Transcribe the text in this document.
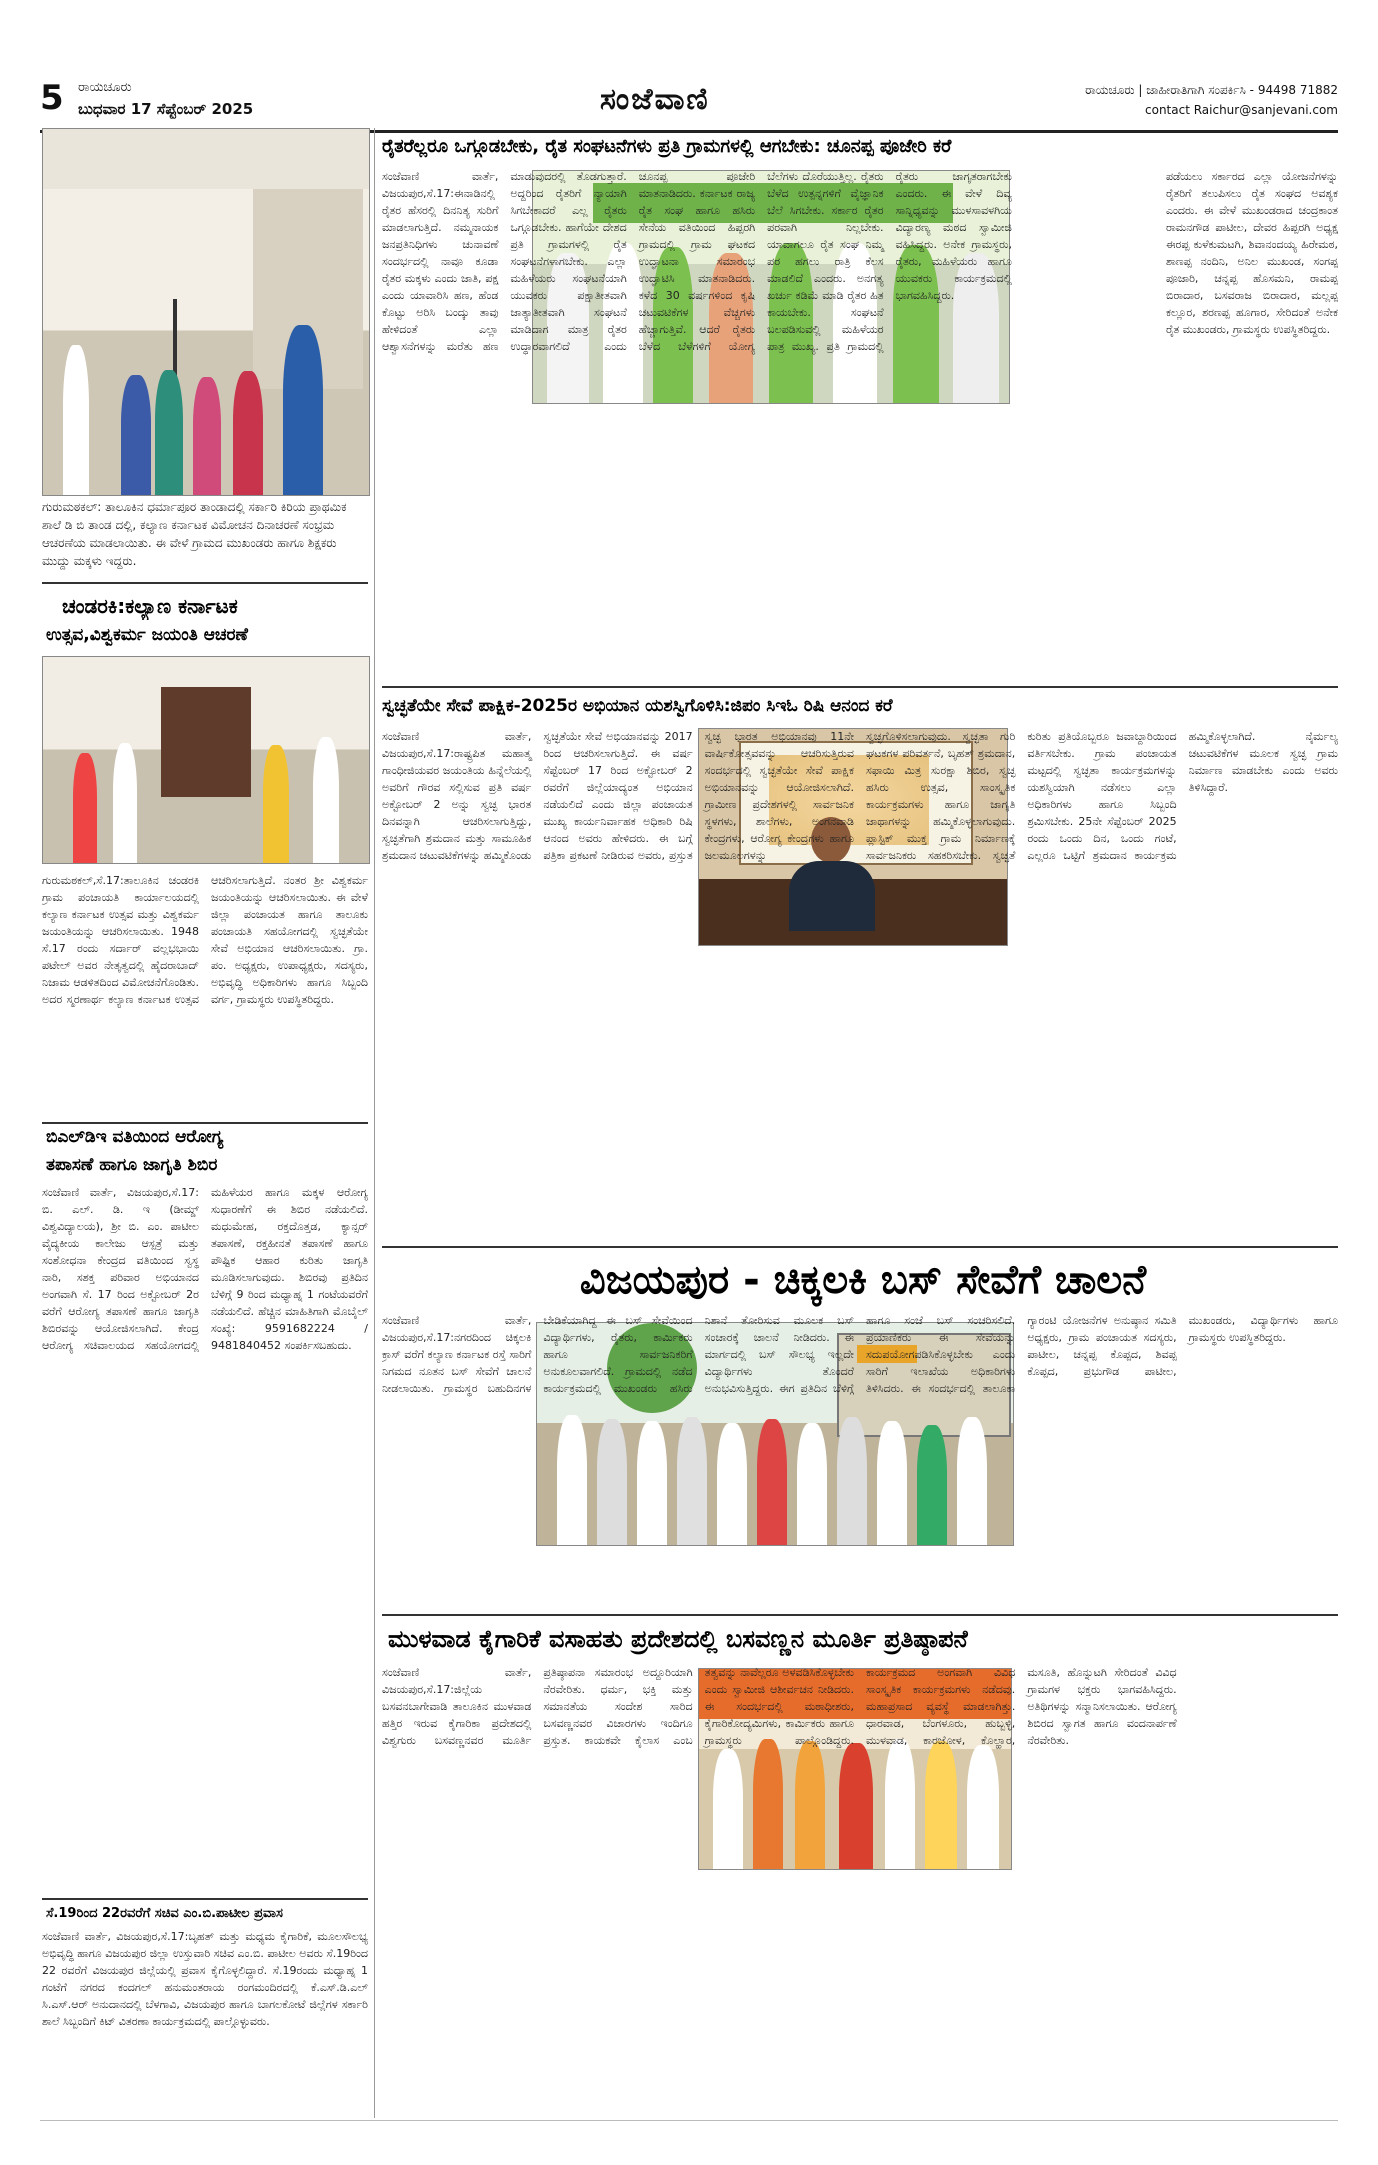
5 ರಾಯಚೂರು
ಬುಧವಾರ 17 ಸೆಪ್ಟೆಂಬರ್ 2025	ಸಂಜೆವಾಣಿ	ರಾಯಚೂರು | ಜಾಹೀರಾತಿಗಾಗಿ ಸಂಪರ್ಕಿಸಿ - 94498 71882
contact Raichur@sanjevani.com
ಗುರುಮಠಕಲ್: ತಾಲೂಕಿನ ಧರ್ಮಾಪೂರ ತಾಂಡಾದಲ್ಲಿ ಸರ್ಕಾರಿ ಕಿರಿಯ ಪ್ರಾಥಮಿಕ ಶಾಲೆ ಡಿ ಬಿ ತಾಂಡ ದಲ್ಲಿ, ಕಲ್ಯಾಣ ಕರ್ನಾಟಕ ವಿಮೋಚನ ದಿನಾಚರಣೆ ಸಂಭ್ರಮ ಆಚರಣೆಯ ಮಾಡಲಾಯಿತು. ಈ ವೇಳೆ ಗ್ರಾಮದ ಮುಖಂಡರು ಹಾಗೂ ಶಿಕ್ಷಕರು ಮುದ್ದು ಮಕ್ಕಳು ಇದ್ದರು.
ಚಂಡರಕಿ:ಕಲ್ಯಾಣ ಕರ್ನಾಟಕ
ಉತ್ಸವ,ವಿಶ್ವಕರ್ಮ ಜಯಂತಿ ಆಚರಣೆ
ಗುರುಮಠಕಲ್,ಸೆ.17:ತಾಲೂಕಿನ ಚಂಡರಕಿ ಗ್ರಾಮ ಪಂಚಾಯತಿ ಕಾರ್ಯಾಲಯದಲ್ಲಿ ಕಲ್ಯಾಣ ಕರ್ನಾಟಕ ಉತ್ಸವ ಮತ್ತು ವಿಶ್ವಕರ್ಮ ಜಯಂತಿಯನ್ನು ಆಚರಿಸಲಾಯಿತು. 1948 ಸೆ.17 ರಂದು ಸರ್ದಾರ್ ವಲ್ಲಭಭಾಯಿ ಪಟೇಲ್ ಅವರ ನೇತೃತ್ವದಲ್ಲಿ ಹೈದರಾಬಾದ್ ನಿಜಾಮ ಆಡಳಿತದಿಂದ ವಿಮೋಚನೆಗೊಂಡಿತು. ಅದರ ಸ್ಮರಣಾರ್ಥ ಕಲ್ಯಾಣ ಕರ್ನಾಟಕ ಉತ್ಸವ ಆಚರಿಸಲಾಗುತ್ತಿದೆ. ನಂತರ ಶ್ರೀ ವಿಶ್ವಕರ್ಮ ಜಯಂತಿಯನ್ನು ಆಚರಿಸಲಾಯಿತು. ಈ ವೇಳೆ ಜಿಲ್ಲಾ ಪಂಚಾಯತ ಹಾಗೂ ತಾಲೂಕು ಪಂಚಾಯತಿ ಸಹಯೋಗದಲ್ಲಿ ಸ್ವಚ್ಛತೆಯೇ ಸೇವೆ ಅಭಿಯಾನ ಆಚರಿಸಲಾಯಿತು. ಗ್ರಾ. ಪಂ. ಅಧ್ಯಕ್ಷರು, ಉಪಾಧ್ಯಕ್ಷರು, ಸದಸ್ಯರು, ಅಭಿವೃದ್ಧಿ ಅಧಿಕಾರಿಗಳು ಹಾಗೂ ಸಿಬ್ಬಂದಿ ವರ್ಗ, ಗ್ರಾಮಸ್ಥರು ಉಪಸ್ಥಿತರಿದ್ದರು.
ಬಿಎಲ್‌ಡಿಇ ವತಿಯಿಂದ ಆರೋಗ್ಯ
ತಪಾಸಣೆ ಹಾಗೂ ಜಾಗೃತಿ ಶಿಬಿರ
ಸಂಜೆವಾಣಿ ವಾರ್ತೆ, ವಿಜಯಪುರ,ಸೆ.17: ಬಿ. ಎಲ್. ಡಿ. ಇ (ಡೀಮ್ಡ್ ವಿಶ್ವವಿದ್ಯಾಲಯ), ಶ್ರೀ ಬಿ. ಎಂ. ಪಾಟೀಲ ವೈದ್ಯಕೀಯ ಕಾಲೇಜು ಆಸ್ಪತ್ರೆ ಮತ್ತು ಸಂಶೋಧನಾ ಕೇಂದ್ರದ ವತಿಯಿಂದ ಸ್ವಸ್ಥ ನಾರಿ, ಸಶಕ್ತ ಪರಿವಾರ ಅಭಿಯಾನದ ಅಂಗವಾಗಿ ಸೆ. 17 ರಿಂದ ಅಕ್ಟೋಬರ್ 2ರ ವರೆಗೆ ಆರೋಗ್ಯ ತಪಾಸಣೆ ಹಾಗೂ ಜಾಗೃತಿ ಶಿಬಿರವನ್ನು ಆಯೋಜಿಸಲಾಗಿದೆ. ಕೇಂದ್ರ ಆರೋಗ್ಯ ಸಚಿವಾಲಯದ ಸಹಯೋಗದಲ್ಲಿ ಮಹಿಳೆಯರ ಹಾಗೂ ಮಕ್ಕಳ ಆರೋಗ್ಯ ಸುಧಾರಣೆಗೆ ಈ ಶಿಬಿರ ನಡೆಯಲಿದೆ. ಮಧುಮೇಹ, ರಕ್ತದೊತ್ತಡ, ಕ್ಯಾನ್ಸರ್ ತಪಾಸಣೆ, ರಕ್ತಹೀನತೆ ತಪಾಸಣೆ ಹಾಗೂ ಪೌಷ್ಟಿಕ ಆಹಾರ ಕುರಿತು ಜಾಗೃತಿ ಮೂಡಿಸಲಾಗುವುದು. ಶಿಬಿರವು ಪ್ರತಿದಿನ ಬೆಳಿಗ್ಗೆ 9 ರಿಂದ ಮಧ್ಯಾಹ್ನ 1 ಗಂಟೆಯವರೆಗೆ ನಡೆಯಲಿದೆ. ಹೆಚ್ಚಿನ ಮಾಹಿತಿಗಾಗಿ ಮೊಬೈಲ್ ಸಂಖ್ಯೆ: 9591682224 / 9481840452 ಸಂಪರ್ಕಿಸಬಹುದು.
ಸೆ.19ರಿಂದ 22ರವರೆಗೆ ಸಚಿವ ಎಂ.ಬಿ.ಪಾಟೀಲ ಪ್ರವಾಸ
ಸಂಜೆವಾಣಿ ವಾರ್ತೆ, ವಿಜಯಪುರ,ಸೆ.17:ಬೃಹತ್ ಮತ್ತು ಮಧ್ಯಮ ಕೈಗಾರಿಕೆ, ಮೂಲಸೌಲಭ್ಯ ಅಭಿವೃದ್ಧಿ ಹಾಗೂ ವಿಜಯಪುರ ಜಿಲ್ಲಾ ಉಸ್ತುವಾರಿ ಸಚಿವ ಎಂ.ಬಿ. ಪಾಟೀಲ ಅವರು ಸೆ.19ರಿಂದ 22 ರವರೆಗೆ ವಿಜಯಪುರ ಜಿಲ್ಲೆಯಲ್ಲಿ ಪ್ರವಾಸ ಕೈಗೊಳ್ಳಲಿದ್ದಾರೆ. ಸೆ.19ರಂದು ಮಧ್ಯಾಹ್ನ 1 ಗಂಟೆಗೆ ನಗರದ ಕಂದಗಲ್ ಹನುಮಂತರಾಯ ರಂಗಮಂದಿರದಲ್ಲಿ ಕೆ.ಎಸ್.ಡಿ.ಎಲ್ ಸಿ.ಎಸ್.ಆರ್ ಅನುದಾನದಲ್ಲಿ ಬೆಳಗಾವಿ, ವಿಜಯಪುರ ಹಾಗೂ ಬಾಗಲಕೋಟೆ ಜಿಲ್ಲೆಗಳ ಸರ್ಕಾರಿ ಶಾಲೆ ಸಿಬ್ಬಂದಿಗೆ ಕಿಟ್ ವಿತರಣಾ ಕಾರ್ಯಕ್ರಮದಲ್ಲಿ ಪಾಲ್ಗೊಳ್ಳುವರು.
ರೈತರೆಲ್ಲರೂ ಒಗ್ಗೂಡಬೇಕು, ರೈತ ಸಂಘಟನೆಗಳು ಪ್ರತಿ ಗ್ರಾಮಗಳಲ್ಲಿ ಆಗಬೇಕು: ಚೂನಪ್ಪ ಪೂಜೇರಿ ಕರೆ
ಸಂಜೆವಾಣಿ ವಾರ್ತೆ, ವಿಜಯಪುರ,ಸೆ.17:ಈನಾಡಿನಲ್ಲಿ ರೈತರ ಹೆಸರಲ್ಲಿ ದಿನನಿತ್ಯ ಸುರಿಗೆ ಮಾಡಲಾಗುತ್ತಿದೆ. ನಮ್ಮನಾಯಕ ಜನಪ್ರತಿನಿಧಿಗಳು ಚುನಾವಣೆ ಸಂದರ್ಭದಲ್ಲಿ ನಾವೂ ಕೂಡಾ ರೈತರ ಮಕ್ಕಳು ಎಂದು ಜಾತಿ, ಪಕ್ಷ ಎಂದು ಯಾವಾರಿಸಿ ಹಣ, ಹೆಂಡ ಕೊಟ್ಟು ಅರಿಸಿ ಬಂದ್ಕು ತಾವು ಹೇಳಿದಂತೆ ಎಲ್ಲಾ ಆಶ್ವಾಸನೆಗಳನ್ನು ಮರೆತು ಹಣ ಮಾಡುವುದರಲ್ಲಿ ತೊಡಗುತ್ತಾರೆ. ಅದ್ದರಿಂದ ರೈತರಿಗೆ ನ್ಯಾಯಾಗಿ ಸಿಗಬೇಕಾದರೆ ಎಲ್ಲ ರೈತರು ಒಗ್ಗೂಡಬೇಕು. ಹಾಗೆಯೇ ದೇಶದ ಪ್ರತಿ ಗ್ರಾಮಗಳಲ್ಲಿ ರೈತ ಸಂಘಟನೆಗಳಾಗಬೇಕು. ಎಲ್ಲಾ ಮಹಿಳೆಯರು ಸಂಘಟನೆಯಾಗಿ ಯುವಕರು ಪಕ್ಷಾತೀತವಾಗಿ ಜಾತ್ಯಾತೀತವಾಗಿ ಸಂಘಟನೆ ಮಾಡಿದಾಗ ಮಾತ್ರ ರೈತರ ಉದ್ಧಾರವಾಗಲಿದೆ ಎಂದು ಚೂನಪ್ಪ ಪೂಜೇರಿ ಮಾತನಾಡಿದರು. ಕರ್ನಾಟಕ ರಾಜ್ಯ ರೈತ ಸಂಘ ಹಾಗೂ ಹಸಿರು ಸೇನೆಯ ವತಿಯಿಂದ ಹಿಪ್ಪರಗಿ ಗ್ರಾಮದಲ್ಲಿ ಗ್ರಾಮ ಘಟಕದ ಉದ್ಘಾಟನಾ ಸಮಾರಂಭ ಉದ್ಘಾಟಿಸಿ ಮಾತನಾಡಿದರು. ಕಳೆದ 30 ವರ್ಷಗಳಿಂದ ಕೃಷಿ ಚಟುವಟಿಕೆಗಳ ವೆಚ್ಚಗಳು ಹೆಚ್ಚಾಗುತ್ತಿವೆ. ಆದರೆ ರೈತರು ಬೆಳೆದ ಬೆಳೆಗಳಿಗೆ ಯೋಗ್ಯ ಬೆಲೆಗಳು ದೊರೆಯುತ್ತಿಲ್ಲ. ರೈತರು ಬೆಳೆದ ಉತ್ಪನ್ನಗಳಿಗೆ ವೈಜ್ಞಾನಿಕ ಬೆಲೆ ಸಿಗಬೇಕು. ಸರ್ಕಾರ ರೈತರ ಪರವಾಗಿ ನಿಲ್ಲಬೇಕು. ಯಾವಾಗಲೂ ರೈತ ಸಂಘ ನಿಮ್ಮ ಪರ ಹಗಲು ರಾತ್ರಿ ಕೆಲಸ ಮಾಡಲಿದೆ ಎಂದರು. ಅನಗತ್ಯ ಖರ್ಚು ಕಡಿಮೆ ಮಾಡಿ ರೈತರ ಹಿತ ಕಾಯಬೇಕು. ಸಂಘಟನೆ ಬಲಪಡಿಸುವಲ್ಲಿ ಮಹಿಳೆಯರ ಪಾತ್ರ ಮುಖ್ಯ. ಪ್ರತಿ ಗ್ರಾಮದಲ್ಲಿ ರೈತರು ಜಾಗೃತರಾಗಬೇಕು ಎಂದರು. ಈ ವೇಳೆ ದಿವ್ಯ ಸಾನ್ನಿಧ್ಯವನ್ನು ಮುಳಸಾವಳಗಿಯ ವಿದ್ಯಾರಣ್ಯ ಮಠದ ಸ್ವಾಮೀಜಿ ವಹಿಸಿದ್ದರು. ಅನೇಕ ಗ್ರಾಮಸ್ಥರು, ರೈತರು, ಮಹಿಳೆಯರು ಹಾಗೂ ಯುವಕರು ಕಾರ್ಯಕ್ರಮದಲ್ಲಿ ಭಾಗವಹಿಸಿದ್ದರು.
ಪಡೆಯಲು ಸರ್ಕಾರದ ಎಲ್ಲಾ ಯೋಜನೆಗಳನ್ನು ರೈತರಿಗೆ ತಲುಪಿಸಲು ರೈತ ಸಂಘದ ಅವಶ್ಯಕ ಎಂದರು. ಈ ವೇಳೆ ಮುಖಂಡರಾದ ಚಂದ್ರಕಾಂತ ರಾಮನಗೌಡ ಪಾಟೀಲ, ದೇವರ ಹಿಪ್ಪರಗಿ ಅಧ್ಯಕ್ಷ ಈರಪ್ಪ ಕುಳೆಕುಮಟಗಿ, ಶಿವಾನಂದಯ್ಯ ಹಿರೇಮಠ, ಶಾಣಪ್ಪ ನಂದಿನಿ, ಅನಿಲ ಮುಖಂಡ, ಸಂಗಪ್ಪ ಪೂಜಾರಿ, ಚನ್ನಪ್ಪ ಹೊಸಮನಿ, ರಾಮಪ್ಪ ಬಿರಾದಾರ, ಬಸವರಾಜ ಬಿರಾದಾರ, ಮಲ್ಲಪ್ಪ ಕಲ್ಲೂರ, ಶರಣಪ್ಪ ಹೂಗಾರ, ಸೇರಿದಂತೆ ಅನೇಕ ರೈತ ಮುಖಂಡರು, ಗ್ರಾಮಸ್ಥರು ಉಪಸ್ಥಿತರಿದ್ದರು.
ಸ್ವಚ್ಛತೆಯೇ ಸೇವೆ ಪಾಕ್ಷಿಕ-2025ರ ಅಭಿಯಾನ ಯಶಸ್ವಿಗೊಳಿಸಿ:ಜಿಪಂ ಸಿಇಓ ರಿಷಿ ಆನಂದ ಕರೆ
ಸಂಜೆವಾಣಿ ವಾರ್ತೆ, ವಿಜಯಪುರ,ಸೆ.17:ರಾಷ್ಟ್ರಪಿತ ಮಹಾತ್ಮ ಗಾಂಧೀಜಿಯವರ ಜಯಂತಿಯ ಹಿನ್ನೆಲೆಯಲ್ಲಿ ಅವರಿಗೆ ಗೌರವ ಸಲ್ಲಿಸುವ ಪ್ರತಿ ವರ್ಷ ಅಕ್ಟೋಬರ್ 2 ಅನ್ನು ಸ್ವಚ್ಛ ಭಾರತ ದಿನವನ್ನಾಗಿ ಆಚರಿಸಲಾಗುತ್ತಿದ್ದು, ಸ್ವಚ್ಛತೆಗಾಗಿ ಶ್ರಮದಾನ ಮತ್ತು ಸಾಮೂಹಿಕ ಶ್ರಮದಾನ ಚಟುವಟಿಕೆಗಳನ್ನು ಹಮ್ಮಿಕೊಂಡು ಸ್ವಚ್ಛತೆಯೇ ಸೇವೆ ಅಭಿಯಾನವನ್ನು 2017 ರಿಂದ ಆಚರಿಸಲಾಗುತ್ತಿದೆ. ಈ ವರ್ಷ ಸೆಪ್ಟೆಂಬರ್ 17 ರಿಂದ ಅಕ್ಟೋಬರ್ 2 ರವರೆಗೆ ಜಿಲ್ಲೆಯಾದ್ಯಂತ ಅಭಿಯಾನ ನಡೆಯಲಿದೆ ಎಂದು ಜಿಲ್ಲಾ ಪಂಚಾಯತ ಮುಖ್ಯ ಕಾರ್ಯನಿರ್ವಾಹಕ ಅಧಿಕಾರಿ ರಿಷಿ ಆನಂದ ಅವರು ಹೇಳಿದರು. ಈ ಬಗ್ಗೆ ಪತ್ರಿಕಾ ಪ್ರಕಟಣೆ ನೀಡಿರುವ ಅವರು, ಪ್ರಸ್ತುತ ಸ್ವಚ್ಛ ಭಾರತ ಅಭಿಯಾನವು 11ನೇ ವಾರ್ಷಿಕೋತ್ಸವವನ್ನು ಆಚರಿಸುತ್ತಿರುವ ಸಂದರ್ಭದಲ್ಲಿ ಸ್ವಚ್ಛತೆಯೇ ಸೇವೆ ಪಾಕ್ಷಿಕ ಅಭಿಯಾನವನ್ನು ಆಯೋಜಿಸಲಾಗಿದೆ. ಗ್ರಾಮೀಣ ಪ್ರದೇಶಗಳಲ್ಲಿ ಸಾರ್ವಜನಿಕ ಸ್ಥಳಗಳು, ಶಾಲೆಗಳು, ಅಂಗನವಾಡಿ ಕೇಂದ್ರಗಳು, ಆರೋಗ್ಯ ಕೇಂದ್ರಗಳು ಹಾಗೂ ಜಲಮೂಲಗಳನ್ನು ಸ್ವಚ್ಛಗೊಳಿಸಲಾಗುವುದು. ಸ್ವಚ್ಛತಾ ಗುರಿ ಘಟಕಗಳ ಪರಿವರ್ತನೆ, ಬೃಹತ್ ಶ್ರಮದಾನ, ಸಫಾಯಿ ಮಿತ್ರ ಸುರಕ್ಷಾ ಶಿಬಿರ, ಸ್ವಚ್ಛ ಹಸಿರು ಉತ್ಸವ, ಸಾಂಸ್ಕೃತಿಕ ಕಾರ್ಯಕ್ರಮಗಳು ಹಾಗೂ ಜಾಗೃತಿ ಜಾಥಾಗಳನ್ನು ಹಮ್ಮಿಕೊಳ್ಳಲಾಗುವುದು. ಪ್ಲಾಸ್ಟಿಕ್ ಮುಕ್ತ ಗ್ರಾಮ ನಿರ್ಮಾಣಕ್ಕೆ ಸಾರ್ವಜನಿಕರು ಸಹಕರಿಸಬೇಕು. ಸ್ವಚ್ಛತೆ ಕುರಿತು ಪ್ರತಿಯೊಬ್ಬರೂ ಜವಾಬ್ದಾರಿಯಿಂದ ವರ್ತಿಸಬೇಕು. ಗ್ರಾಮ ಪಂಚಾಯತ ಮಟ್ಟದಲ್ಲಿ ಸ್ವಚ್ಛತಾ ಕಾರ್ಯಕ್ರಮಗಳನ್ನು ಯಶಸ್ವಿಯಾಗಿ ನಡೆಸಲು ಎಲ್ಲಾ ಅಧಿಕಾರಿಗಳು ಹಾಗೂ ಸಿಬ್ಬಂದಿ ಶ್ರಮಿಸಬೇಕು. 25ನೇ ಸೆಪ್ಟೆಂಬರ್ 2025 ರಂದು ಒಂದು ದಿನ, ಒಂದು ಗಂಟೆ, ಎಲ್ಲರೂ ಒಟ್ಟಿಗೆ ಶ್ರಮದಾನ ಕಾರ್ಯಕ್ರಮ ಹಮ್ಮಿಕೊಳ್ಳಲಾಗಿದೆ. ನೈರ್ಮಲ್ಯ ಚಟುವಟಿಕೆಗಳ ಮೂಲಕ ಸ್ವಚ್ಛ ಗ್ರಾಮ ನಿರ್ಮಾಣ ಮಾಡಬೇಕು ಎಂದು ಅವರು ತಿಳಿಸಿದ್ದಾರೆ.
ವಿಜಯಪುರ - ಚಿಕ್ಕಲಕಿ ಬಸ್ ಸೇವೆಗೆ ಚಾಲನೆ
ಸಂಜೆವಾಣಿ ವಾರ್ತೆ, ವಿಜಯಪುರ,ಸೆ.17:ನಗರದಿಂದ ಚಿಕ್ಕಲಕಿ ಕ್ರಾಸ್ ವರೆಗೆ ಕಲ್ಯಾಣ ಕರ್ನಾಟಕ ರಸ್ತೆ ಸಾರಿಗೆ ನಿಗಮದ ನೂತನ ಬಸ್ ಸೇವೆಗೆ ಚಾಲನೆ ನೀಡಲಾಯಿತು. ಗ್ರಾಮಸ್ಥರ ಬಹುದಿನಗಳ ಬೇಡಿಕೆಯಾಗಿದ್ದ ಈ ಬಸ್ ಸೇವೆಯಿಂದ ವಿದ್ಯಾರ್ಥಿಗಳು, ರೈತರು, ಕಾರ್ಮಿಕರು ಹಾಗೂ ಸಾರ್ವಜನಿಕರಿಗೆ ಅನುಕೂಲವಾಗಲಿದೆ. ಗ್ರಾಮದಲ್ಲಿ ನಡೆದ ಕಾರ್ಯಕ್ರಮದಲ್ಲಿ ಮುಖಂಡರು ಹಸಿರು ನಿಶಾನೆ ತೋರಿಸುವ ಮೂಲಕ ಬಸ್ ಸಂಚಾರಕ್ಕೆ ಚಾಲನೆ ನೀಡಿದರು. ಈ ಮಾರ್ಗದಲ್ಲಿ ಬಸ್ ಸೌಲಭ್ಯ ಇಲ್ಲದೇ ವಿದ್ಯಾರ್ಥಿಗಳು ತೊಂದರೆ ಅನುಭವಿಸುತ್ತಿದ್ದರು. ಈಗ ಪ್ರತಿದಿನ ಬೆಳಿಗ್ಗೆ ಹಾಗೂ ಸಂಜೆ ಬಸ್ ಸಂಚರಿಸಲಿದೆ. ಪ್ರಯಾಣಿಕರು ಈ ಸೇವೆಯನ್ನು ಸದುಪಯೋಗಪಡಿಸಿಕೊಳ್ಳಬೇಕು ಎಂದು ಸಾರಿಗೆ ಇಲಾಖೆಯ ಅಧಿಕಾರಿಗಳು ತಿಳಿಸಿದರು. ಈ ಸಂದರ್ಭದಲ್ಲಿ ತಾಲೂಕಾ ಗ್ಯಾರಂಟಿ ಯೋಜನೆಗಳ ಅನುಷ್ಠಾನ ಸಮಿತಿ ಅಧ್ಯಕ್ಷರು, ಗ್ರಾಮ ಪಂಚಾಯತ ಸದಸ್ಯರು, ಪಾಟೀಲ, ಚನ್ನಪ್ಪ ಕೊಪ್ಪದ, ಶಿವಪ್ಪ ಕೊಪ್ಪದ, ಪ್ರಭುಗೌಡ ಪಾಟೀಲ, ಮುಖಂಡರು, ವಿದ್ಯಾರ್ಥಿಗಳು ಹಾಗೂ ಗ್ರಾಮಸ್ಥರು ಉಪಸ್ಥಿತರಿದ್ದರು.
ಮುಳವಾಡ ಕೈಗಾರಿಕೆ ವಸಾಹತು ಪ್ರದೇಶದಲ್ಲಿ ಬಸವಣ್ಣನ ಮೂರ್ತಿ ಪ್ರತಿಷ್ಠಾಪನೆ
ಸಂಜೆವಾಣಿ ವಾರ್ತೆ, ವಿಜಯಪುರ,ಸೆ.17:ಜಿಲ್ಲೆಯ ಬಸವನಬಾಗೇವಾಡಿ ತಾಲೂಕಿನ ಮುಳವಾಡ ಹತ್ತಿರ ಇರುವ ಕೈಗಾರಿಕಾ ಪ್ರದೇಶದಲ್ಲಿ ವಿಶ್ವಗುರು ಬಸವಣ್ಣನವರ ಮೂರ್ತಿ ಪ್ರತಿಷ್ಠಾಪನಾ ಸಮಾರಂಭ ಅದ್ದೂರಿಯಾಗಿ ನೆರವೇರಿತು. ಧರ್ಮ, ಭಕ್ತಿ ಮತ್ತು ಸಮಾನತೆಯ ಸಂದೇಶ ಸಾರಿದ ಬಸವಣ್ಣನವರ ವಿಚಾರಗಳು ಇಂದಿಗೂ ಪ್ರಸ್ತುತ. ಕಾಯಕವೇ ಕೈಲಾಸ ಎಂಬ ತತ್ವವನ್ನು ನಾವೆಲ್ಲರೂ ಅಳವಡಿಸಿಕೊಳ್ಳಬೇಕು ಎಂದು ಸ್ವಾಮೀಜಿ ಆಶೀರ್ವಚನ ನೀಡಿದರು. ಈ ಸಂದರ್ಭದಲ್ಲಿ ಮಠಾಧೀಶರು, ಕೈಗಾರಿಕೋದ್ಯಮಿಗಳು, ಕಾರ್ಮಿಕರು ಹಾಗೂ ಗ್ರಾಮಸ್ಥರು ಪಾಲ್ಗೊಂಡಿದ್ದರು. ಕಾರ್ಯಕ್ರಮದ ಅಂಗವಾಗಿ ವಿವಿಧ ಸಾಂಸ್ಕೃತಿಕ ಕಾರ್ಯಕ್ರಮಗಳು ನಡೆದವು. ಮಹಾಪ್ರಸಾದ ವ್ಯವಸ್ಥೆ ಮಾಡಲಾಗಿತ್ತು. ಧಾರವಾಡ, ಬೆಂಗಳೂರು, ಹುಬ್ಬಳ್ಳಿ, ಮುಳವಾಡ, ಕಾರಜೋಳ, ಕೊಲ್ಹಾರ, ಮಸೂತಿ, ಹೊನ್ನುಟಗಿ ಸೇರಿದಂತೆ ವಿವಿಧ ಗ್ರಾಮಗಳ ಭಕ್ತರು ಭಾಗವಹಿಸಿದ್ದರು. ಅತಿಥಿಗಳನ್ನು ಸನ್ಮಾನಿಸಲಾಯಿತು. ಆರೋಗ್ಯ ಶಿಬಿರದ ಸ್ವಾಗತ ಹಾಗೂ ವಂದನಾರ್ಪಣೆ ನೆರವೇರಿತು.
